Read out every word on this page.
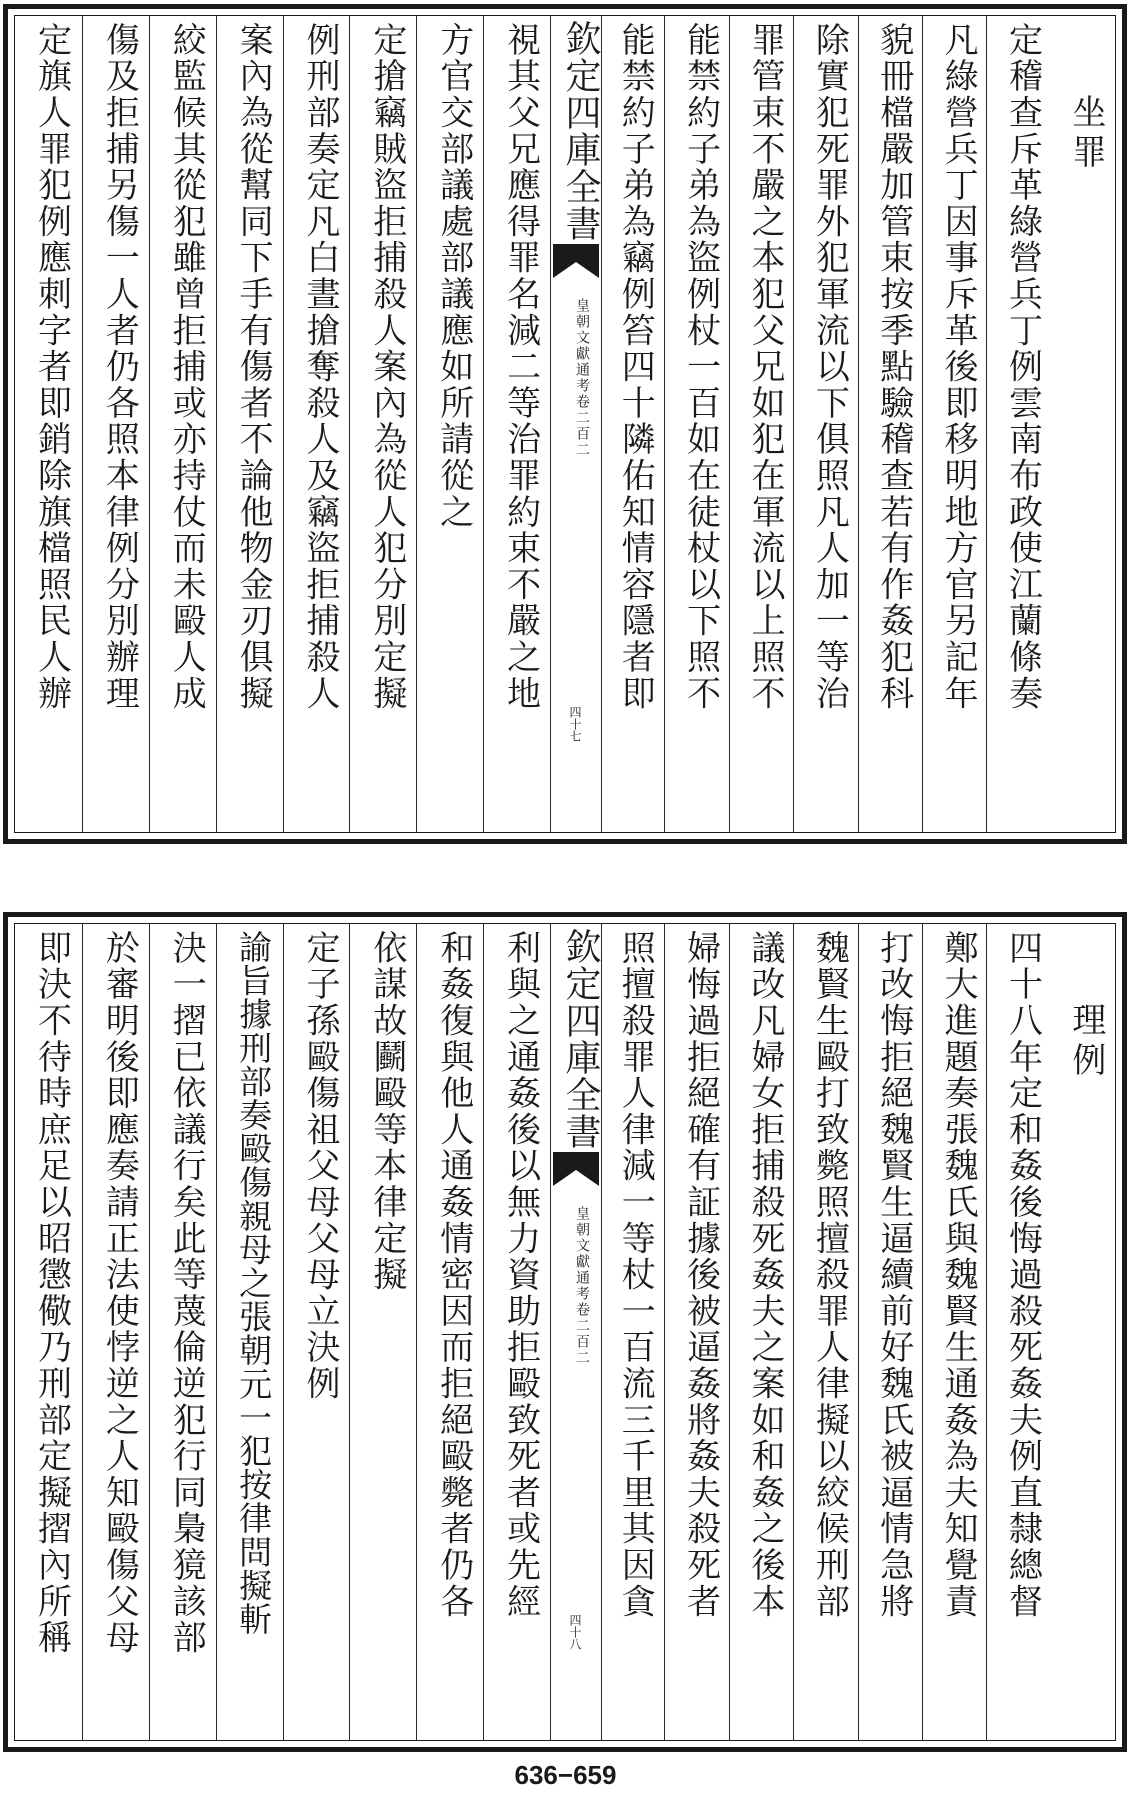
坐罪
定稽查斥革綠營兵丁例雲南布政使江蘭條奏
凡綠營兵丁因事斥革後即移明地方官另記年
貌冊檔嚴加管束按季點驗稽查若有作姦犯科
除實犯死罪外犯軍流以下俱照凡人加一等治
罪管束不嚴之本犯父兄如犯在軍流以上照不
能禁約子弟為盜例杖一百如在徒杖以下照不
能禁約子弟為竊例笞四十隣佑知情容隱者即
欽定四庫全書
皇朝文獻通考
卷二百二
四十七
視其父兄應得罪名減二等治罪約束不嚴之地
方官交部議處部議應如所請從之
定搶竊賊盜拒捕殺人案內為從人犯分別定擬
例刑部奏定凡白晝搶奪殺人及竊盜拒捕殺人
案內為從幫同下手有傷者不論他物金刃俱擬
絞監候其從犯雖曾拒捕或亦持仗而未毆人成
傷及拒捕另傷一人者仍各照本律例分別辦理
定旗人罪犯例應刺字者即銷除旗檔照民人辦
理例
四十八年定和姦後悔過殺死姦夫例直隸總督
鄭大進題奏張魏氏與魏賢生通姦為夫知覺責
打改悔拒絕魏賢生逼續前好魏氏被逼情急將
魏賢生毆打致斃照擅殺罪人律擬以絞候刑部
議改凡婦女拒捕殺死姦夫之案如和姦之後本
婦悔過拒絕確有証據後被逼姦將姦夫殺死者
照擅殺罪人律減一等杖一百流三千里其因貪
欽定四庫全書
皇朝文獻通考
卷二百二
四十八
利與之通姦後以無力資助拒毆致死者或先經
和姦復與他人通姦情密因而拒絕毆斃者仍各
依謀故鬬毆等本律定擬
定子孫毆傷祖父母父母立決例
諭旨據刑部奏毆傷親母之張朝元一犯按律問擬斬
決一摺已依議行矣此等蔑倫逆犯行同梟獍該部
於審明後即應奏請正法使悖逆之人知毆傷父母
即決不待時庶足以昭懲儆乃刑部定擬摺內所稱
636−659
